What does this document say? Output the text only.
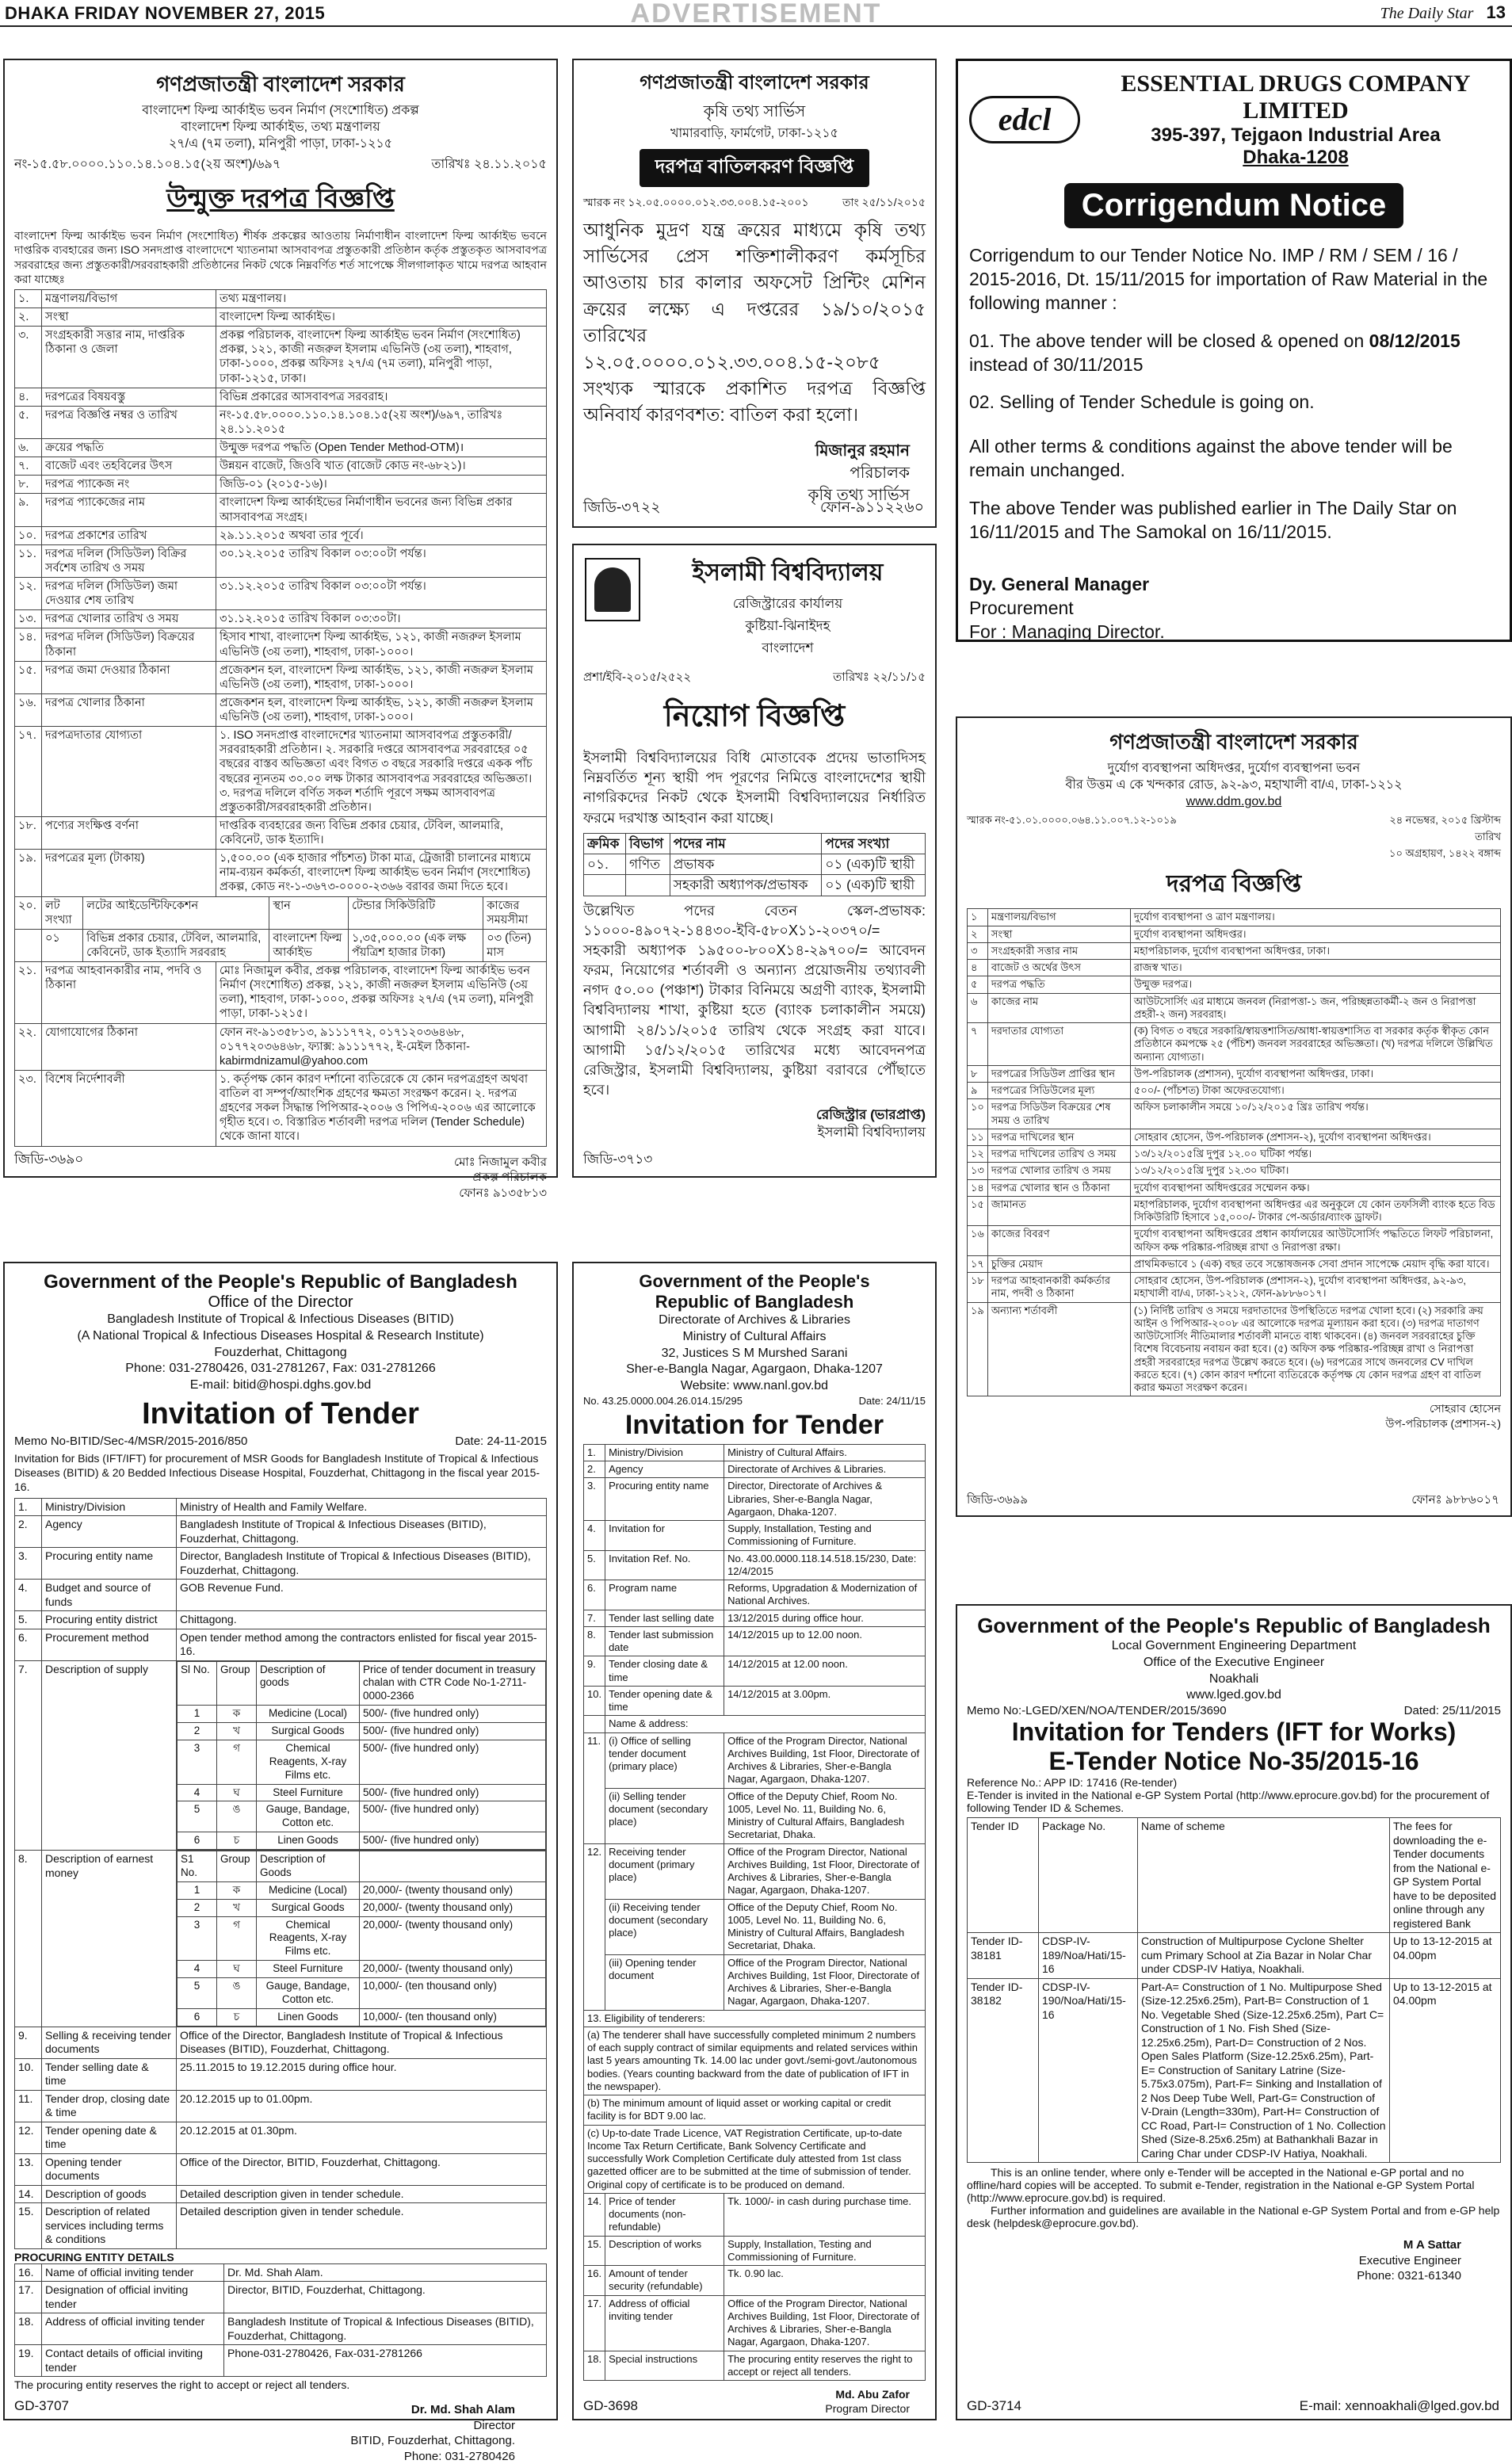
DHAKA FRIDAY NOVEMBER 27, 2015	ADVERTISEMENT	The Daily Star 13
গণপ্রজাতন্ত্রী বাংলাদেশ সরকার
বাংলাদেশ ফিল্ম আর্কাইভ ভবন নির্মাণ (সংশোধিত) প্রকল্প
বাংলাদেশ ফিল্ম আর্কাইভ, তথ্য মন্ত্রণালয়
২৭/এ (৭ম তলা), মনিপুরী পাড়া, ঢাকা-১২১৫
নং-১৫.৫৮.০০০০.১১০.১৪.১০৪.১৫(২য় অংশ)/৬৯৭	তারিখঃ ২৪.১১.২০১৫
উন্মুক্ত দরপত্র বিজ্ঞপ্তি
বাংলাদেশ ফিল্ম আর্কাইভ ভবন নির্মাণ (সংশোধিত) শীর্ষক প্রকল্পের আওতায় নির্মাণাধীন বাংলাদেশ ফিল্ম আর্কাইভ ভবনে দাপ্তরিক ব্যবহারের জন্য ISO সনদপ্রাপ্ত বাংলাদেশে খ্যাতনামা আসবাবপত্র প্রস্তুতকারী প্রতিষ্ঠান কর্তৃক প্রস্তুতকৃত আসবাবপত্র সরবরাহের জন্য প্রস্তুতকারী/সরবরাহকারী প্রতিষ্ঠানের নিকট থেকে নিম্নবর্ণিত শর্ত সাপেক্ষে সীলগালাকৃত খামে দরপত্র আহবান করা যাচ্ছেঃ
১.	মন্ত্রণালয়/বিভাগ	তথ্য মন্ত্রণালয়।
২.	সংস্থা	বাংলাদেশ ফিল্ম আর্কাইভ।
৩.	সংগ্রহকারী সত্তার নাম, দাপ্তরিক ঠিকানা ও জেলা	প্রকল্প পরিচালক, বাংলাদেশ ফিল্ম আর্কাইভ ভবন নির্মাণ (সংশোধিত) প্রকল্প, ১২১, কাজী নজরুল ইসলাম এভিনিউ (৩য় তলা), শাহবাগ, ঢাকা-১০০০, প্রকল্প অফিসঃ ২৭/এ (৭ম তলা), মনিপুরী পাড়া, ঢাকা-১২১৫, ঢাকা।
৪.	দরপত্রের বিষয়বস্তু	বিভিন্ন প্রকারের আসবাবপত্র সরবরাহ।
৫.	দরপত্র বিজ্ঞপ্তি নম্বর ও তারিখ	নং-১৫.৫৮.০০০০.১১০.১৪.১০৪.১৫(২য় অংশ)/৬৯৭, তারিখঃ ২৪.১১.২০১৫
৬.	ক্রয়ের পদ্ধতি	উন্মুক্ত দরপত্র পদ্ধতি (Open Tender Method-OTM)।
৭.	বাজেট এবং তহবিলের উৎস	উন্নয়ন বাজেট, জিওবি খাত (বাজেট কোড নং-৬৮২১)।
৮.	দরপত্র প্যাকেজ নং	জিডি-০১ (২০১৫-১৬)।
৯.	দরপত্র প্যাকেজের নাম	বাংলাদেশ ফিল্ম আর্কাইভের নির্মাণাধীন ভবনের জন্য বিভিন্ন প্রকার আসবাবপত্র সংগ্রহ।
১০.	দরপত্র প্রকাশের তারিখ	২৯.১১.২০১৫ অথবা তার পূর্বে।
১১.	দরপত্র দলিল (সিডিউল) বিক্রির সর্বশেষ তারিখ ও সময়	৩০.১২.২০১৫ তারিখ বিকাল ০৩:০০টা পর্যন্ত।
১২.	দরপত্র দলিল (সিডিউল) জমা দেওয়ার শেষ তারিখ	৩১.১২.২০১৫ তারিখ বিকাল ০৩:০০টা পর্যন্ত।
১৩.	দরপত্র খোলার তারিখ ও সময়	৩১.১২.২০১৫ তারিখ বিকাল ০৩:৩০টা।
১৪.	দরপত্র দলিল (সিডিউল) বিক্রয়ের ঠিকানা	হিসাব শাখা, বাংলাদেশ ফিল্ম আর্কাইভ, ১২১, কাজী নজরুল ইসলাম এভিনিউ (৩য় তলা), শাহবাগ, ঢাকা-১০০০।
১৫.	দরপত্র জমা দেওয়ার ঠিকানা	প্রজেকশন হল, বাংলাদেশ ফিল্ম আর্কাইভ, ১২১, কাজী নজরুল ইসলাম এভিনিউ (৩য় তলা), শাহবাগ, ঢাকা-১০০০।
১৬.	দরপত্র খোলার ঠিকানা	প্রজেকশন হল, বাংলাদেশ ফিল্ম আর্কাইভ, ১২১, কাজী নজরুল ইসলাম এভিনিউ (৩য় তলা), শাহবাগ, ঢাকা-১০০০।
১৭.	দরপত্রদাতার যোগ্যতা	১. ISO সনদপ্রাপ্ত বাংলাদেশের খ্যাতনামা আসবাবপত্র প্রস্তুতকারী/সরবরাহকারী প্রতিষ্ঠান। ২. সরকারি দপ্তরে আসবাবপত্র সরবরাহের ০৫ বছরের বাস্তব অভিজ্ঞতা এবং বিগত ৩ বছরে সরকারি দপ্তরে একক পাঁচ বছরের ন্যূনতম ৩০.০০ লক্ষ টাকার আসবাবপত্র সরবরাহের অভিজ্ঞতা। ৩. দরপত্র দলিলে বর্ণিত সকল শর্তাদি পূরণে সক্ষম আসবাবপত্র প্রস্তুতকারী/সরবরাহকারী প্রতিষ্ঠান।
১৮.	পণ্যের সংক্ষিপ্ত বর্ণনা	দাপ্তরিক ব্যবহারের জন্য বিভিন্ন প্রকার চেয়ার, টেবিল, আলমারি, কেবিনেট, ডাক ইত্যাদি।
১৯.	দরপত্রের মূল্য (টাকায়)	১,৫০০.০০ (এক হাজার পাঁচশত) টাকা মাত্র, ট্রেজারী চালানের মাধ্যমে নাম-ব্যয়ন কর্মকর্তা, বাংলাদেশ ফিল্ম আর্কাইভ ভবন নির্মাণ (সংশোধিত) প্রকল্প, কোড নং-১-৩৬৭৩-০০০০-২৩৬৬ বরাবর জমা দিতে হবে।
২০.	লট সংখ্যা	লটের আইডেন্টিফিকেশন	স্থান	টেন্ডার সিকিউরিটি	কাজের সময়সীমা
	০১	বিভিন্ন প্রকার চেয়ার, টেবিল, আলমারি, কেবিনেট, ডাক ইত্যাদি সরবরাহ	বাংলাদেশ ফিল্ম আর্কাইভ	১,৩৫,০০০.০০ (এক লক্ষ পঁয়ত্রিশ হাজার টাকা)	০৩ (তিন) মাস
২১.	দরপত্র আহবানকারীর নাম, পদবি ও ঠিকানা	মোঃ নিজামুল কবীর, প্রকল্প পরিচালক, বাংলাদেশ ফিল্ম আর্কাইভ ভবন নির্মাণ (সংশোধিত) প্রকল্প, ১২১, কাজী নজরুল ইসলাম এভিনিউ (৩য় তলা), শাহবাগ, ঢাকা-১০০০, প্রকল্প অফিসঃ ২৭/এ (৭ম তলা), মনিপুরী পাড়া, ঢাকা-১২১৫।
২২.	যোগাযোগের ঠিকানা	ফোন নং-৯১৩৫৮১৩, ৯১১১৭৭২, ০১৭১২০৩৬৪৬৮, ০১৭৭২০৩৬৪৬৮, ফ্যাক্স: ৯১১১৭৭২, ই-মেইল ঠিকানা- kabirmdnizamul@yahoo.com
২৩.	বিশেষ নির্দেশাবলী	১. কর্তৃপক্ষ কোন কারণ দর্শানো ব্যতিরেকে যে কোন দরপত্রগ্রহণ অথবা বাতিল বা সম্পূর্ণ/আংশিক গ্রহণের ক্ষমতা সংরক্ষণ করেন। ২. দরপত্র গ্রহণের সকল সিদ্ধান্ত পিপিআর-২০০৬ ও পিপিএ-২০০৬ এর আলোকে গৃহীত হবে। ৩. বিস্তারিত শর্তাবলী দরপত্র দলিল (Tender Schedule) থেকে জানা যাবে।
মোঃ নিজামুল কবীর
প্রকল্প পরিচালক
ফোনঃ ৯১৩৫৮১৩
জিডি-৩৬৯০
গণপ্রজাতন্ত্রী বাংলাদেশ সরকার
কৃষি তথ্য সার্ভিস
খামারবাড়ি, ফার্মগেট, ঢাকা-১২১৫
দরপত্র বাতিলকরণ বিজ্ঞপ্তি
স্মারক নং ১২.০৫.০০০০.০১২.৩৩.০০৪.১৫-২০০১	তাং ২৫/১১/২০১৫
আধুনিক মুদ্রণ যন্ত্র ক্রয়ের মাধ্যমে কৃষি তথ্য সার্ভিসের প্রেস শক্তিশালীকরণ কর্মসূচির আওতায় চার কালার অফসেট প্রিন্টিং মেশিন ক্রয়ের লক্ষ্যে এ দপ্তরের ১৯/১০/২০১৫ তারিখের ১২.০৫.০০০০.০১২.৩৩.০০৪.১৫-২০৮৫ সংখ্যক স্মারকে প্রকাশিত দরপত্র বিজ্ঞপ্তি অনিবার্য কারণবশত: বাতিল করা হলো।
মিজানুর রহমান
পরিচালক
কৃষি তথ্য সার্ভিস
জিডি-৩৭২২	ফোন-৯১১২২৬০
edcl
ESSENTIAL DRUGS COMPANY LIMITED
395-397, Tejgaon Industrial Area
Dhaka-1208
Corrigendum Notice
Corrigendum to our Tender Notice No. IMP / RM / SEM / 16 / 2015-2016, Dt. 15/11/2015 for importation of Raw Material in the following manner :
01. The above tender will be closed & opened on 08/12/2015 instead of 30/11/2015
02. Selling of Tender Schedule is going on.
All other terms & conditions against the above tender will be remain unchanged.
The above Tender was published earlier in The Daily Star on 16/11/2015 and The Samokal on 16/11/2015.
Dy. General Manager
Procurement
For : Managing Director.
ইসলামী বিশ্ববিদ্যালয়
রেজিস্ট্রারের কার্যালয়
কুষ্টিয়া-ঝিনাইদহ
বাংলাদেশ
প্রশা/ইবি-২০১৫/২৫২২	তারিখঃ ২২/১১/১৫
নিয়োগ বিজ্ঞপ্তি
ইসলামী বিশ্ববিদ্যালয়ের বিধি মোতাবেক প্রদেয় ভাতাদিসহ নিম্নবর্তিত শূন্য স্থায়ী পদ পূরণের নিমিত্তে বাংলাদেশের স্থায়ী নাগরিকদের নিকট থেকে ইসলামী বিশ্ববিদ্যালয়ের নির্ধারিত ফরমে দরখাস্ত আহবান করা যাচ্ছে।
ক্রমিক	বিভাগ	পদের নাম	পদের সংখ্যা
০১.	গণিত	প্রভাষক	০১ (এক)টি স্থায়ী
		সহকারী অধ্যাপক/প্রভাষক	০১ (এক)টি স্থায়ী
উল্লেখিত পদের বেতন স্কেল-প্রভাষক: ১১০০০-৪৯০৭২-১৪৪৩০-ইবি-৫৮০X১১-২০৩৭০/= সহকারী অধ্যাপক ১৯৫০০-৮০০X১৪-২৯৭০০/= আবেদন ফরম, নিয়োগের শর্তাবলী ও অন্যান্য প্রয়োজনীয় তথ্যাবলী নগদ ৫০.০০ (পঞ্চাশ) টাকার বিনিময়ে অগ্রণী ব্যাংক, ইসলামী বিশ্ববিদ্যালয় শাখা, কুষ্টিয়া হতে (ব্যাংক চলাকালীন সময়ে) আগামী ২৪/১১/২০১৫ তারিখ থেকে সংগ্রহ করা যাবে। আগামী ১৫/১২/২০১৫ তারিখের মধ্যে আবেদনপত্র রেজিস্ট্রার, ইসলামী বিশ্ববিদ্যালয়, কুষ্টিয়া বরাবরে পৌঁছাতে হবে।
রেজিস্ট্রার (ভারপ্রাপ্ত)
ইসলামী বিশ্ববিদ্যালয়
জিডি-৩৭১৩
গণপ্রজাতন্ত্রী বাংলাদেশ সরকার
দুর্যোগ ব্যবস্থাপনা অধিদপ্তর, দুর্যোগ ব্যবস্থাপনা ভবন
বীর উত্তম এ কে খন্দকার রোড, ৯২-৯৩, মহাখালী বা/এ, ঢাকা-১২১২
www.ddm.gov.bd
স্মারক নং-৫১.০১.০০০০.০৬৪.১১.০০৭.১২-১০১৯	২৪ নভেম্বর, ২০১৫ খ্রিস্টাব্দ
তারিখ
১০ অগ্রহায়ণ, ১৪২২ বঙ্গাব্দ
দরপত্র বিজ্ঞপ্তি
১	মন্ত্রণালয়/বিভাগ	দুর্যোগ ব্যবস্থাপনা ও ত্রাণ মন্ত্রণালয়।
২	সংস্থা	দুর্যোগ ব্যবস্থাপনা অধিদপ্তর।
৩	সংগ্রহকারী সত্তার নাম	মহাপরিচালক, দুর্যোগ ব্যবস্থাপনা অধিদপ্তর, ঢাকা।
৪	বাজেট ও অর্থের উৎস	রাজস্ব খাত।
৫	দরপত্র পদ্ধতি	উন্মুক্ত দরপত্র।
৬	কাজের নাম	আউটসোর্সিং এর মাধ্যমে জনবল (নিরাপত্তা-১ জন, পরিচ্ছন্নতাকর্মী-২ জন ও নিরাপত্তা প্রহরী-২ জন) সরবরাহ।
৭	দরদাতার যোগ্যতা	(ক) বিগত ৩ বছরে সরকারি/স্বায়ত্তশাসিত/আধা-স্বায়ত্তশাসিত বা সরকার কর্তৃক স্বীকৃত কোন প্রতিষ্ঠানে কমপক্ষে ২৫ (পঁচিশ) জনবল সরবরাহের অভিজ্ঞতা। (খ) দরপত্র দলিলে উল্লিখিত অন্যান্য যোগ্যতা।
৮	দরপত্রের সিডিউল প্রাপ্তির স্থান	উপ-পরিচালক (প্রশাসন), দুর্যোগ ব্যবস্থাপনা অধিদপ্তর, ঢাকা।
৯	দরপত্রের সিডিউলের মূল্য	৫০০/- (পাঁচশত) টাকা অফেরতযোগ্য।
১০	দরপত্র সিডিউল বিক্রয়ের শেষ সময় ও তারিখ	অফিস চলাকালীন সময়ে ১০/১২/২০১৫ খ্রিঃ তারিখ পর্যন্ত।
১১	দরপত্র দাখিলের স্থান	সোহরাব হোসেন, উপ-পরিচালক (প্রশাসন-২), দুর্যোগ ব্যবস্থাপনা অধিদপ্তর।
১২	দরপত্র দাখিলের তারিখ ও সময়	১৩/১২/২০১৫খ্রি দুপুর ১২.০০ ঘটিকা পর্যন্ত।
১৩	দরপত্র খোলার তারিখ ও সময়	১৩/১২/২০১৫খ্রি দুপুর ১২.৩০ ঘটিকা।
১৪	দরপত্র খোলার স্থান ও ঠিকানা	দুর্যোগ ব্যবস্থাপনা অধিদপ্তরের সম্মেলন কক্ষ।
১৫	জামানত	মহাপরিচালক, দুর্যোগ ব্যবস্থাপনা অধিদপ্তর এর অনুকূলে যে কোন তফসিলী ব্যাংক হতে বিড সিকিউরিটি হিসাবে ১৫,০০০/- টাকার পে-অর্ডার/ব্যাংক ড্রাফট।
১৬	কাজের বিবরণ	দুর্যোগ ব্যবস্থাপনা অধিদপ্তরের প্রধান কার্যালয়ের আউটসোর্সিং পদ্ধতিতে লিফট পরিচালনা, অফিস কক্ষ পরিষ্কার-পরিচ্ছন্ন রাখা ও নিরাপত্তা রক্ষা।
১৭	চুক্তির মেয়াদ	প্রাথমিকভাবে ১ (এক) বছর তবে সন্তোষজনক সেবা প্রদান সাপেক্ষে মেয়াদ বৃদ্ধি করা যাবে।
১৮	দরপত্র আহবানকারী কর্মকর্তার নাম, পদবী ও ঠিকানা	সোহরাব হোসেন, উপ-পরিচালক (প্রশাসন-২), দুর্যোগ ব্যবস্থাপনা অধিদপ্তর, ৯২-৯৩, মহাখালী বা/এ, ঢাকা-১২১২, ফোন-৯৮৮৬০১৭।
১৯	অন্যান্য শর্তাবলী	(১) নির্দিষ্ট তারিখ ও সময়ে দরদাতাদের উপস্থিতিতে দরপত্র খোলা হবে। (২) সরকারি ক্রয় আইন ও পিপিআর-২০০৮ এর আলোকে দরপত্র মূল্যায়ন করা হবে। (৩) দরপত্র দাতাগণ আউটসোর্সিং নীতিমালার শর্তাবলী মানতে বাধ্য থাকবেন। (৪) জনবল সরবরাহের চুক্তি বিশেষ বিবেচনায় নবায়ন করা হবে। (৫) অফিস কক্ষ পরিষ্কার-পরিচ্ছন্ন রাখা ও নিরাপত্তা প্রহরী সরবরাহের দরপত্র উল্লেখ করতে হবে। (৬) দরপত্রের সাথে জনবলের CV দাখিল করতে হবে। (৭) কোন কারণ দর্শানো ব্যতিরেকে কর্তৃপক্ষ যে কোন দরপত্র গ্রহণ বা বাতিল করার ক্ষমতা সংরক্ষণ করেন।
সোহরাব হোসেন
উপ-পরিচালক (প্রশাসন-২)
জিডি-৩৬৯৯	ফোনঃ ৯৮৮৬০১৭
Government of the People's Republic of Bangladesh
Office of the Director
Bangladesh Institute of Tropical & Infectious Diseases (BITID)
(A National Tropical & Infectious Diseases Hospital & Research Institute)
Fouzderhat, Chittagong
Phone: 031-2780426, 031-2781267, Fax: 031-2781266
E-mail: bitid@hospi.dghs.gov.bd
Invitation of Tender
Memo No-BITID/Sec-4/MSR/2015-2016/850	Date: 24-11-2015
Invitation for Bids (IFT/IFT) for procurement of MSR Goods for Bangladesh Institute of Tropical & Infectious Diseases (BITID) & 20 Bedded Infectious Disease Hospital, Fouzderhat, Chittagong in the fiscal year 2015-16.
1.	Ministry/Division	Ministry of Health and Family Welfare.
2.	Agency	Bangladesh Institute of Tropical & Infectious Diseases (BITID), Fouzderhat, Chittagong.
3.	Procuring entity name	Director, Bangladesh Institute of Tropical & Infectious Diseases (BITID), Fouzderhat, Chittagong.
4.	Budget and source of funds	GOB Revenue Fund.
5.	Procuring entity district	Chittagong.
6.	Procurement method	Open tender method among the contractors enlisted for fiscal year 2015-16.
7.	Description of supply		Sl No.	Group	Description of goods	Price of tender document in treasury chalan with CTR Code No-1-2711-0000-2366
1	ক	Medicine (Local)	500/- (five hundred only)
2	খ	Surgical Goods	500/- (five hundred only)
3	গ	Chemical Reagents, X-ray Films etc.	500/- (five hundred only)
4	ঘ	Steel Furniture	500/- (five hundred only)
5	ঙ	Gauge, Bandage, Cotton etc.	500/- (five hundred only)
6	চ	Linen Goods	500/- (five hundred only)

8.	Description of earnest money	
S1 No.	Group	Description of Goods	
1	ক	Medicine (Local)	20,000/- (twenty thousand only)
2	খ	Surgical Goods	20,000/- (twenty thousand only)
3	গ	Chemical Reagents, X-ray Films etc.	20,000/- (twenty thousand only)
4	ঘ	Steel Furniture	20,000/- (twenty thousand only)
5	ঙ	Gauge, Bandage, Cotton etc.	10,000/- (ten thousand only)
6	চ	Linen Goods	10,000/- (ten thousand only)

9.	Selling & receiving tender documents	Office of the Director, Bangladesh Institute of Tropical & Infectious Diseases (BITID), Fouzderhat, Chittagong.
10.	Tender selling date & time	25.11.2015 to 19.12.2015 during office hour.
11.	Tender drop, closing date & time	20.12.2015 up to 01.00pm.
12.	Tender opening date & time	20.12.2015 at 01.30pm.
13.	Opening tender documents	Office of the Director, BITID, Fouzderhat, Chittagong.
14.	Description of goods	Detailed description given in tender schedule.
15.	Description of related services including terms & conditions	Detailed description given in tender schedule.
PROCURING ENTITY DETAILS
16.	Name of official inviting tender	Dr. Md. Shah Alam.
17.	Designation of official inviting tender	Director, BITID, Fouzderhat, Chittagong.
18.	Address of official inviting tender	Bangladesh Institute of Tropical & Infectious Diseases (BITID), Fouzderhat, Chittagong.
19.	Contact details of official inviting tender	Phone-031-2780426, Fax-031-2781266
The procuring entity reserves the right to accept or reject all tenders.
Dr. Md. Shah Alam
Director
BITID, Fouzderhat, Chittagong.
Phone: 031-2780426
GD-3707
Government of the People's
Republic of Bangladesh
Directorate of Archives & Libraries
Ministry of Cultural Affairs
32, Justices S M Murshed Sarani
Sher-e-Bangla Nagar, Agargaon, Dhaka-1207
Website: www.nanl.gov.bd
No. 43.25.0000.004.26.014.15/295	Date: 24/11/15
Invitation for Tender
1.	Ministry/Division	Ministry of Cultural Affairs.
2.	Agency	Directorate of Archives & Libraries.
3.	Procuring entity name	Director, Directorate of Archives & Libraries, Sher-e-Bangla Nagar, Agargaon, Dhaka-1207.
4.	Invitation for	Supply, Installation, Testing and Commissioning of Furniture.
5.	Invitation Ref. No.	No. 43.00.0000.118.14.518.15/230, Date: 12/4/2015
6.	Program name	Reforms, Upgradation & Modernization of National Archives.
7.	Tender last selling date	13/12/2015 during office hour.
8.	Tender last submission date	14/12/2015 up to 12.00 noon.
9.	Tender closing date & time	14/12/2015 at 12.00 noon.
10.	Tender opening date & time	14/12/2015 at 3.00pm.
	Name & address:	
11.	(i) Office of selling tender document (primary place)	Office of the Program Director, National Archives Building, 1st Floor, Directorate of Archives & Libraries, Sher-e-Bangla Nagar, Agargaon, Dhaka-1207.
	(ii) Selling tender document (secondary place)	Office of the Deputy Chief, Room No. 1005, Level No. 11, Building No. 6, Ministry of Cultural Affairs, Bangladesh Secretariat, Dhaka.
12.	Receiving tender document (primary place)	Office of the Program Director, National Archives Building, 1st Floor, Directorate of Archives & Libraries, Sher-e-Bangla Nagar, Agargaon, Dhaka-1207.
	(ii) Receiving tender document (secondary place)	Office of the Deputy Chief, Room No. 1005, Level No. 11, Building No. 6, Ministry of Cultural Affairs, Bangladesh Secretariat, Dhaka.
	(iii) Opening tender document	Office of the Program Director, National Archives Building, 1st Floor, Directorate of Archives & Libraries, Sher-e-Bangla Nagar, Agargaon, Dhaka-1207.
13. Eligibility of tenderers:		
(a) The tenderer shall have successfully completed minimum 2 numbers of each supply contract of similar equipments and related services within last 5 years amounting Tk. 14.00 lac under govt./semi-govt./autonomous bodies. (Years counting backward from the date of publication of IFT in the newspaper).		
(b) The minimum amount of liquid asset or working capital or credit facility is for BDT 9.00 lac.		
(c) Up-to-date Trade Licence, VAT Registration Certificate, up-to-date Income Tax Return Certificate, Bank Solvency Certificate and successfully Work Completion Certificate duly attested from 1st class gazetted officer are to be submitted at the time of submission of tender. Original copy of certificate is to be produced on demand.		
14.	Price of tender documents (non-refundable)	Tk. 1000/- in cash during purchase time.
15.	Description of works	Supply, Installation, Testing and Commissioning of Furniture.
16.	Amount of tender security (refundable)	Tk. 0.90 lac.
17.	Address of official inviting tender	Office of the Program Director, National Archives Building, 1st Floor, Directorate of Archives & Libraries, Sher-e-Bangla Nagar, Agargaon, Dhaka-1207.
18.	Special instructions	The procuring entity reserves the right to accept or reject all tenders.
Md. Abu Zafor
Program Director
GD-3698
Government of the People's Republic of Bangladesh
Local Government Engineering Department
Office of the Executive Engineer
Noakhali
www.lged.gov.bd
Memo No:-LGED/XEN/NOA/TENDER/2015/3690	Dated: 25/11/2015
Invitation for Tenders (IFT for Works)
E-Tender Notice No-35/2015-16
Reference No.: APP ID: 17416 (Re-tender)
E-Tender is invited in the National e-GP System Portal (http://www.eprocure.gov.bd) for the procurement of following Tender ID & Schemes.
Tender ID	Package No.	Name of scheme	The fees for downloading the e-Tender documents from the National e-GP System Portal have to be deposited online through any registered Bank
Tender ID-38181	CDSP-IV-189/Noa/Hati/15-16	Construction of Multipurpose Cyclone Shelter cum Primary School at Zia Bazar in Nolar Char under CDSP-IV Hatiya, Noakhali.	Up to 13-12-2015 at 04.00pm
Tender ID- 38182	CDSP-IV-190/Noa/Hati/15-16	Part-A= Construction of 1 No. Multipurpose Shed (Size-12.25x6.25m), Part-B= Construction of 1 No. Vegetable Shed (Size-12.25x6.25m), Part C= Construction of 1 No. Fish Shed (Size-12.25x6.25m), Part-D= Construction of 2 Nos. Open Sales Platform (Size-12.25x6.25m), Part-E= Construction of Sanitary Latrine (Size-5.75x3.075m), Part-F= Sinking and Installation of 2 Nos Deep Tube Well, Part-G= Construction of V-Drain (Length=330m), Part-H= Construction of CC Road, Part-I= Construction of 1 No. Collection Shed (Size-8.25x6.25m) at Bathankhali Bazar in Caring Char under CDSP-IV Hatiya, Noakhali.	Up to 13-12-2015 at 04.00pm
This is an online tender, where only e-Tender will be accepted in the National e-GP portal and no offline/hard copies will be accepted. To submit e-Tender, registration in the National e-GP System Portal (http://www.eprocure.gov.bd) is required.
Further information and guidelines are available in the National e-GP System Portal and from e-GP help desk (helpdesk@eprocure.gov.bd).
M A Sattar
Executive Engineer
Phone: 0321-61340
GD-3714	E-mail: xennoakhali@lged.gov.bd
